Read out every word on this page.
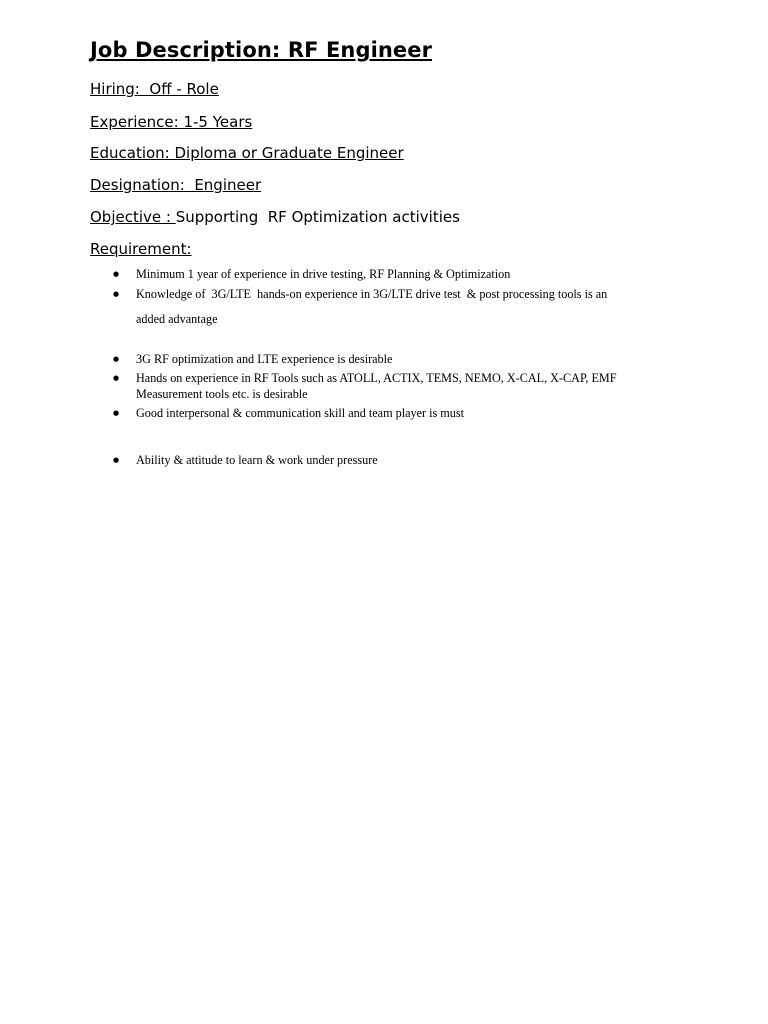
Job Description: RF Engineer
Hiring:  Off - Role
Experience: 1-5 Years
Education: Diploma or Graduate Engineer
Designation:  Engineer
Objective : Supporting  RF Optimization activities
Requirement:
● Minimum 1 year of experience in drive testing, RF Planning & Optimization
● Knowledge of  3G/LTE  hands-on experience in 3G/LTE drive test  & post processing tools is an
added advantage
● 3G RF optimization and LTE experience is desirable
● Hands on experience in RF Tools such as ATOLL, ACTIX, TEMS, NEMO, X-CAL, X-CAP, EMF
Measurement tools etc. is desirable
● Good interpersonal & communication skill and team player is must
● Ability & attitude to learn & work under pressure
